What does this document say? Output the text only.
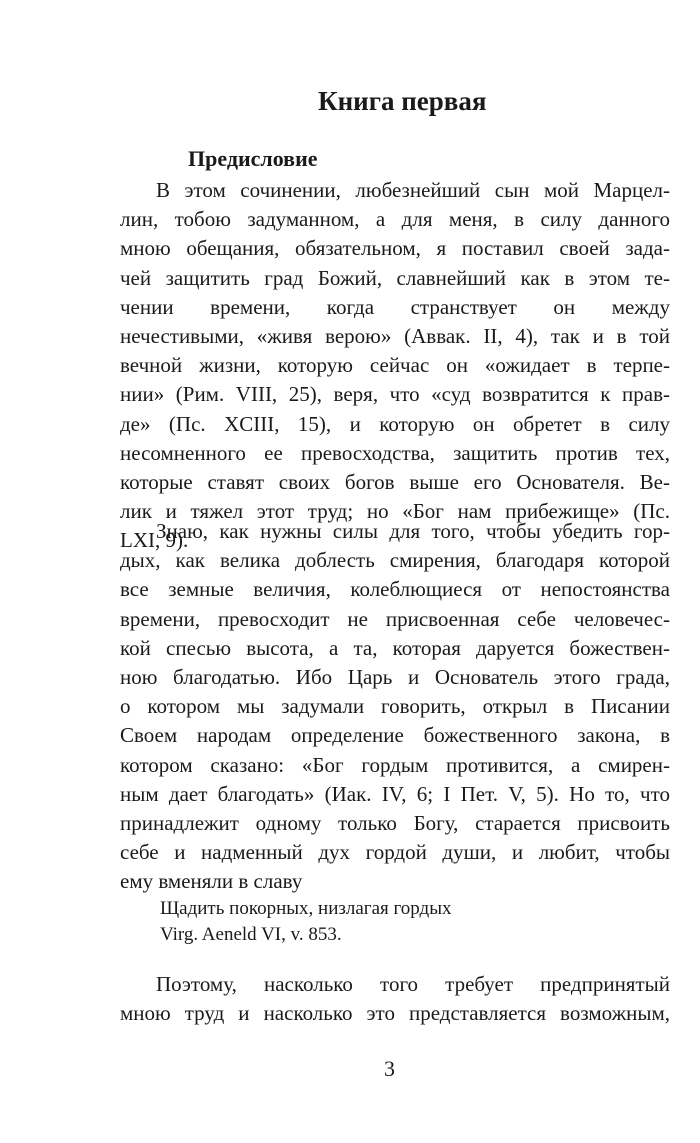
Книга первая
Предисловие
В этом сочинении, любезнейший сын мой Марцел-
лин, тобою задуманном, а для меня, в силу данного
мною обещания, обязательном, я поставил своей зада-
чей защитить град Божий, славнейший как в этом те-
чении времени, когда странствует он между
нечестивыми, «живя верою» (Аввак. II, 4), так и в той
вечной жизни, которую сейчас он «ожидает в терпе-
нии» (Рим. VIII, 25), веря, что «суд возвратится к прав-
де» (Пс. XCIII, 15), и которую он обретет в силу
несомненного ее превосходства, защитить против тех,
которые ставят своих богов выше его Основателя. Ве-
лик и тяжел этот труд; но «Бог нам прибежище» (Пс.
LXI, 9).
Знаю, как нужны силы для того, чтобы убедить гор-
дых, как велика доблесть смирения, благодаря которой
все земные величия, колеблющиеся от непостоянства
времени, превосходит не присвоенная себе человечес-
кой спесью высота, а та, которая даруется божествен-
ною благодатью. Ибо Царь и Основатель этого града,
о котором мы задумали говорить, открыл в Писании
Своем народам определение божественного закона, в
котором сказано: «Бог гордым противится, а смирен-
ным дает благодать» (Иак. IV, 6; I Пет. V, 5). Но то, что
принадлежит одному только Богу, старается присвоить
себе и надменный дух гордой души, и любит, чтобы
ему вменяли в славу
Щадить покорных, низлагая гордых
Virg. Aeneld VI, v. 853.
Поэтому, насколько того требует предпринятый
мною труд и насколько это представляется возможным,
3
